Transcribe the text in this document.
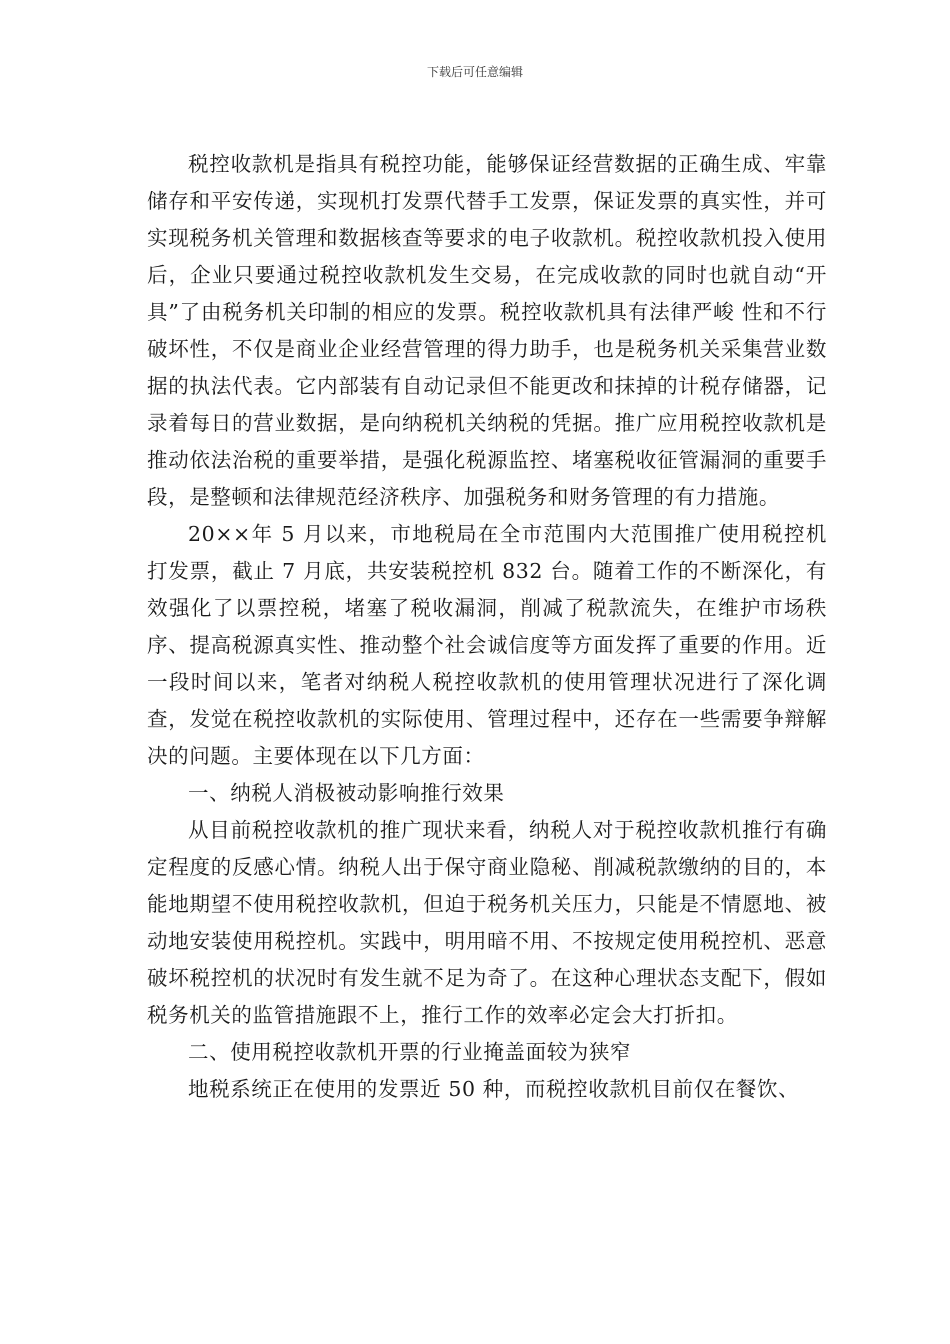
下载后可任意编辑

税控收款机是指具有税控功能，能够保证经营数据的正确生成、牢靠储存和平安传递，实现机打发票代替手工发票，保证发票的真实性，并可实现税务机关管理和数据核查等要求的电子收款机。税控收款机投入使用后，企业只要通过税控收款机发生交易，在完成收款的同时也就自动“开具”了由税务机关印制的相应的发票。税控收款机具有法律严峻 性和不行破坏性，不仅是商业企业经营管理的得力助手，也是税务机关采集营业数据的执法代表。它内部装有自动记录但不能更改和抹掉的计税存储器，记录着每日的营业数据，是向纳税机关纳税的凭据。推广应用税控收款机是推动依法治税的重要举措，是强化税源监控、堵塞税收征管漏洞的重要手段，是整顿和法律规范经济秩序、加强税务和财务管理的有力措施。

20××年 5 月以来，市地税局在全市范围内大范围推广使用税控机打发票，截止 7 月底，共安装税控机 832 台。随着工作的不断深化，有效强化了以票控税，堵塞了税收漏洞，削减了税款流失，在维护市场秩序、提高税源真实性、推动整个社会诚信度等方面发挥了重要的作用。近一段时间以来，笔者对纳税人税控收款机的使用管理状况进行了深化调查，发觉在税控收款机的实际使用、管理过程中，还存在一些需要争辩解决的问题。主要体现在以下几方面：

一、纳税人消极被动影响推行效果

从目前税控收款机的推广现状来看，纳税人对于税控收款机推行有确定程度的反感心情。纳税人出于保守商业隐秘、削减税款缴纳的目的，本能地期望不使用税控收款机，但迫于税务机关压力，只能是不情愿地、被动地安装使用税控机。实践中，明用暗不用、不按规定使用税控机、恶意破坏税控机的状况时有发生就不足为奇了。在这种心理状态支配下，假如税务机关的监管措施跟不上，推行工作的效率必定会大打折扣。

二、使用税控收款机开票的行业掩盖面较为狭窄

地税系统正在使用的发票近 50 种，而税控收款机目前仅在餐饮、
